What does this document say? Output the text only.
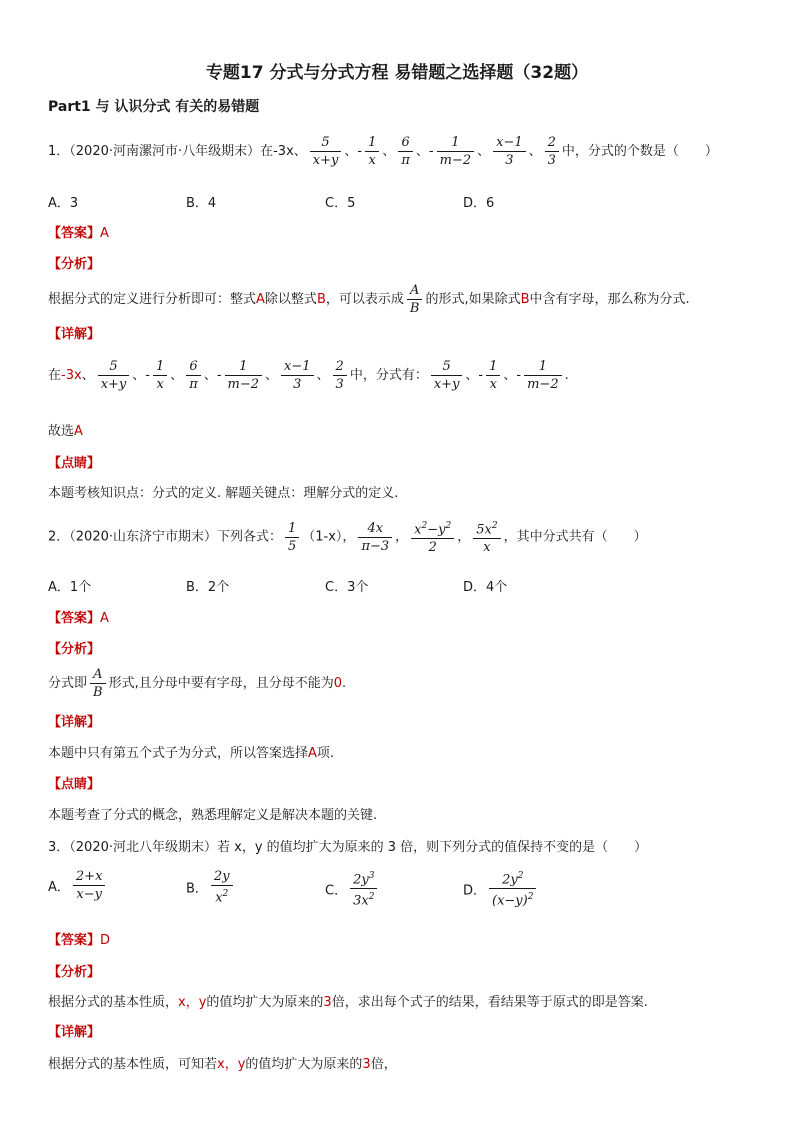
专题17 分式与分式方程 易错题之选择题（32题）
Part1 与 认识分式 有关的易错题
1．（2020·河南漯河市·八年级期末）在-3x、 $\frac{5}{x+y}$ 、- $\frac{1}{x}$ 、 $\frac{6}{\pi}$ 、- $\frac{1}{m-2}$ 、 $\frac{x-1}{3}$ 、 $\frac{2}{3}$ 中，分式的个数是（　　）
A．3	B．4	C．5	D．6
【答案】A
【分析】
根据分式的定义进行分析即可：整式A除以整式B，可以表示成 $\frac{A}{B}$ 的形式,如果除式B中含有字母，那么称为分式.
【详解】
在-3x、 $\frac{5}{x+y}$ 、- $\frac{1}{x}$ 、 $\frac{6}{\pi}$ 、- $\frac{1}{m-2}$ 、 $\frac{x-1}{3}$ 、 $\frac{2}{3}$ 中，分式有： $\frac{5}{x+y}$ 、- $\frac{1}{x}$ 、- $\frac{1}{m-2}$ .
故选A
【点睛】
本题考核知识点：分式的定义. 解题关键点：理解分式的定义.
2．（2020·山东济宁市期末）下列各式： $\frac{1}{5} (1-x)$， $\frac{4x}{\pi-3}$ ， $\frac{x^2-y^2}{2}$ ， $\frac{5x^2}{x}$ ，其中分式共有（　　）
A．1个	B．2个	C．3个	D．4个
【答案】A
【分析】
分式即 $\frac{A}{B}$ 形式,且分母中要有字母，且分母不能为0.
【详解】
本题中只有第五个式子为分式，所以答案选择A项.
【点睛】
本题考查了分式的概念，熟悉理解定义是解决本题的关键.
3．（2020·河北八年级期末）若 x，y 的值均扩大为原来的 3 倍，则下列分式的值保持不变的是（　　）
A． $\frac{2+x}{x-y}$	B． $\frac{2y}{x^2}$	C． $\frac{2y^3}{3x^2}$	D． $\frac{2y^2}{(x-y)^2}$
【答案】D
【分析】
根据分式的基本性质，x，y的值均扩大为原来的3倍，求出每个式子的结果，看结果等于原式的即是答案.
【详解】
根据分式的基本性质，可知若x，y的值均扩大为原来的3倍，
